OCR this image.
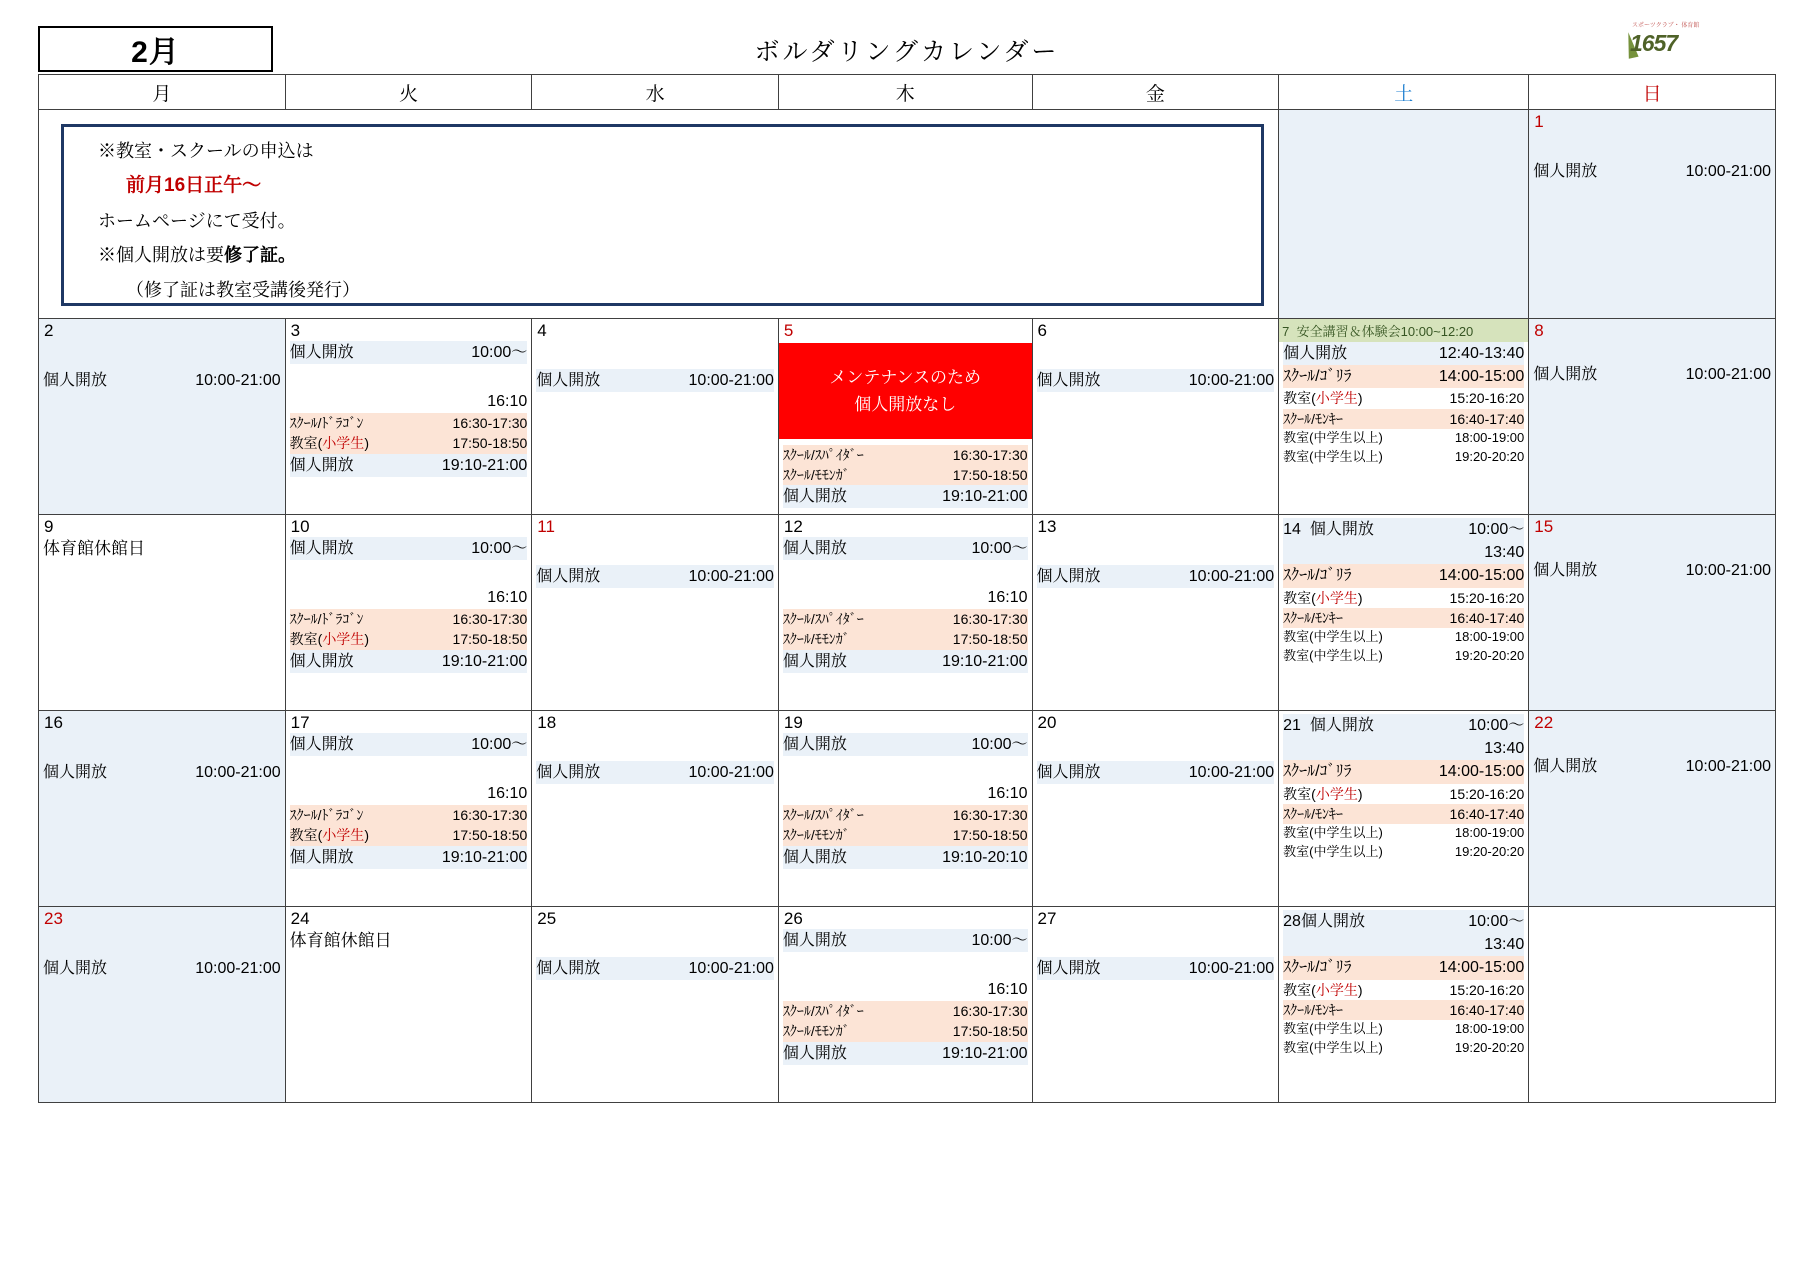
2月	ボルダリングカレンダー
スポーツクラブ・ 体育館
1657
月	火	水	木	金	土	日

※教室・スクールの申込は

前月16日正午～

ホームページにて受付。

※個人開放は要修了証。

（修了証は教室受講後発行）

1
個人開放	10:00-21:00

2
個人開放	10:00-21:00

3
個人開放	10:00～
16:10
ｽｸｰﾙ/ﾄﾞﾗｺﾞﾝ	16:30-17:30
教室(小学生)	17:50-18:50
個人開放	19:10-21:00

4
個人開放	10:00-21:00

5
メンテナンスのため
個人開放なし
ｽｸｰﾙ/ｽﾊﾟｲﾀﾞｰ	16:30-17:30
ｽｸｰﾙ/ﾓﾓﾝｶﾞ	17:50-18:50
個人開放	19:10-21:00

6
個人開放	10:00-21:00

7 安全講習＆体験会10:00~12:20
個人開放	12:40-13:40
ｽｸｰﾙ/ｺﾞﾘﾗ	14:00-15:00
教室(小学生)	15:20-16:20
ｽｸｰﾙ/ﾓﾝｷｰ	16:40-17:40
教室(中学生以上)	18:00-19:00
教室(中学生以上)	19:20-20:20

8
個人開放	10:00-21:00

9
体育館休館日

10
個人開放	10:00～
16:10
ｽｸｰﾙ/ﾄﾞﾗｺﾞﾝ	16:30-17:30
教室(小学生)	17:50-18:50
個人開放	19:10-21:00

11
個人開放	10:00-21:00

12
個人開放	10:00～
16:10
ｽｸｰﾙ/ｽﾊﾟｲﾀﾞｰ	16:30-17:30
ｽｸｰﾙ/ﾓﾓﾝｶﾞ	17:50-18:50
個人開放	19:10-21:00

13
個人開放	10:00-21:00

14 個人開放	10:00～
13:40
ｽｸｰﾙ/ｺﾞﾘﾗ	14:00-15:00
教室(小学生)	15:20-16:20
ｽｸｰﾙ/ﾓﾝｷｰ	16:40-17:40
教室(中学生以上)	18:00-19:00
教室(中学生以上)	19:20-20:20

15
個人開放	10:00-21:00

16
個人開放	10:00-21:00

17
個人開放	10:00～
16:10
ｽｸｰﾙ/ﾄﾞﾗｺﾞﾝ	16:30-17:30
教室(小学生)	17:50-18:50
個人開放	19:10-21:00

18
個人開放	10:00-21:00

19
個人開放	10:00～
16:10
ｽｸｰﾙ/ｽﾊﾟｲﾀﾞｰ	16:30-17:30
ｽｸｰﾙ/ﾓﾓﾝｶﾞ	17:50-18:50
個人開放	19:10-20:10

20
個人開放	10:00-21:00

21 個人開放	10:00～
13:40
ｽｸｰﾙ/ｺﾞﾘﾗ	14:00-15:00
教室(小学生)	15:20-16:20
ｽｸｰﾙ/ﾓﾝｷｰ	16:40-17:40
教室(中学生以上)	18:00-19:00
教室(中学生以上)	19:20-20:20

22
個人開放	10:00-21:00

23
個人開放	10:00-21:00

24
体育館休館日

25
個人開放	10:00-21:00

26
個人開放	10:00～
16:10
ｽｸｰﾙ/ｽﾊﾟｲﾀﾞｰ	16:30-17:30
ｽｸｰﾙ/ﾓﾓﾝｶﾞ	17:50-18:50
個人開放	19:10-21:00

27
個人開放	10:00-21:00

28個人開放	10:00～
13:40
ｽｸｰﾙ/ｺﾞﾘﾗ	14:00-15:00
教室(小学生)	15:20-16:20
ｽｸｰﾙ/ﾓﾝｷｰ	16:40-17:40
教室(中学生以上)	18:00-19:00
教室(中学生以上)	19:20-20:20
